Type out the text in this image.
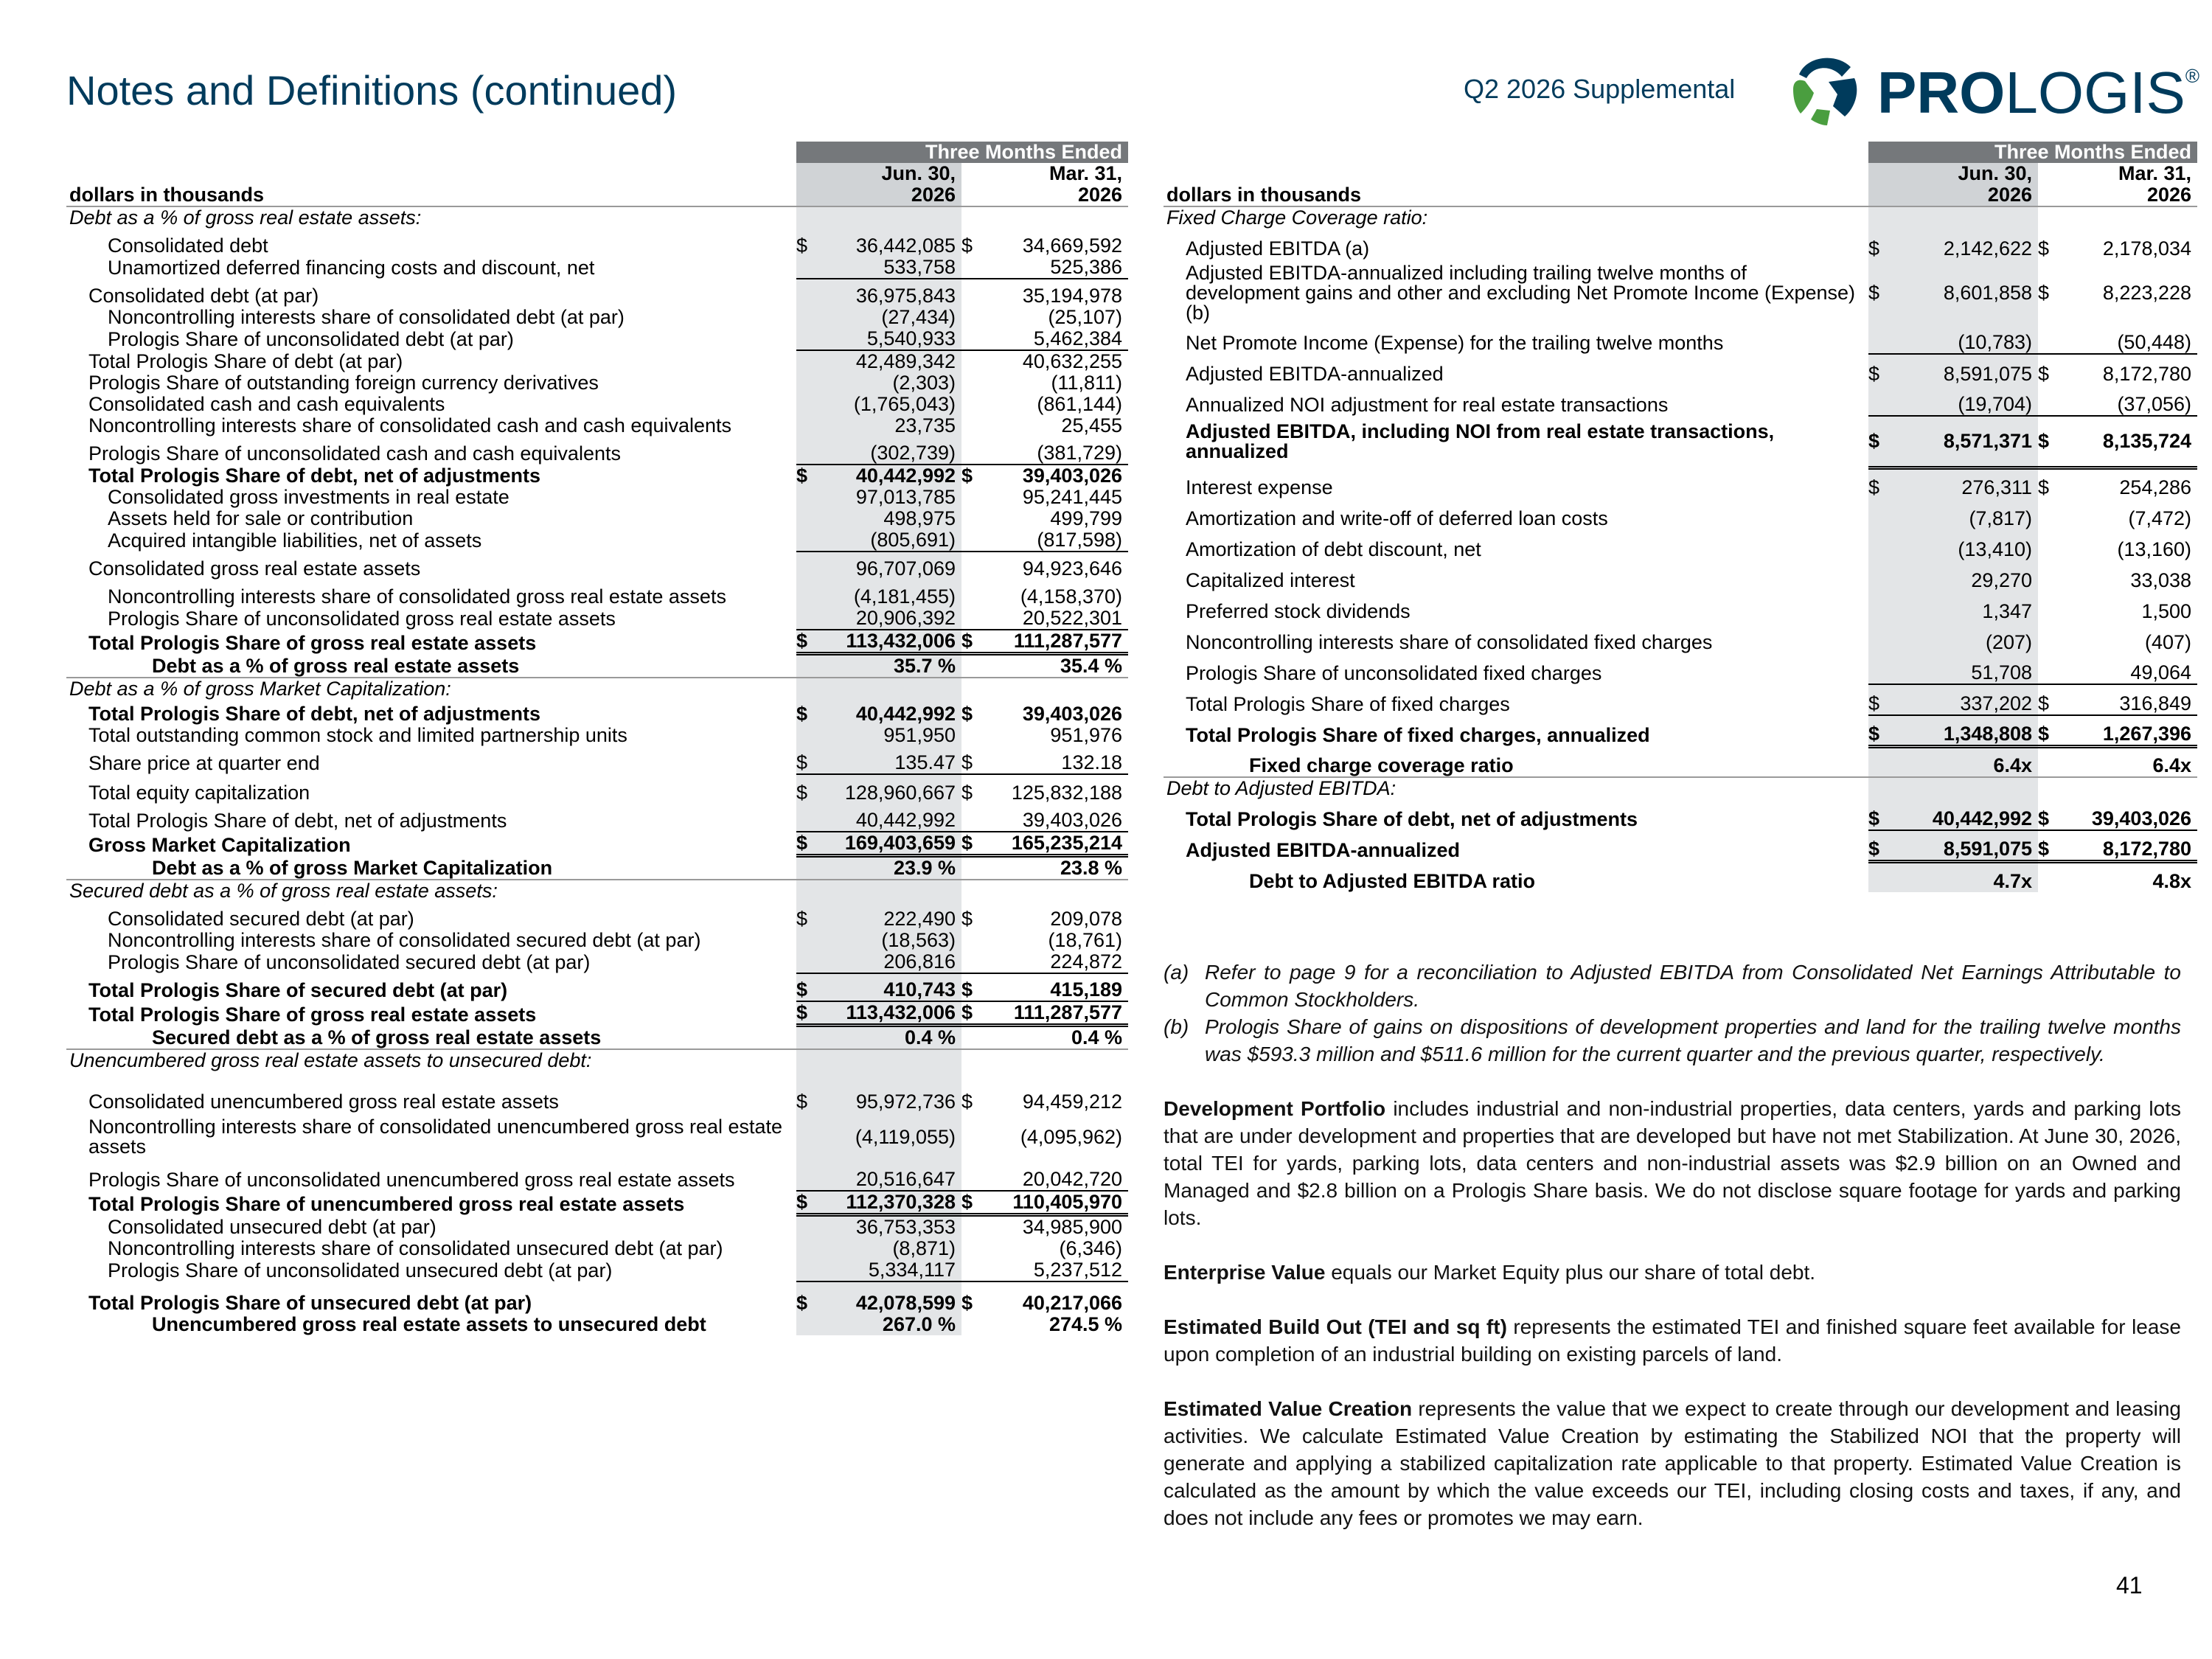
Notes and Definitions (continued)	Q2 2026 Supplemental PROLOGIS®
	Three Months Ended			
		Jun. 30,		Mar. 31,
dollars in thousands		2026		2026
Debt as a % of gross real estate assets:				
Consolidated debt	$	36,442,085	$	34,669,592
Unamortized deferred financing costs and discount, net		533,758		525,386
Consolidated debt (at par)		36,975,843		35,194,978
Noncontrolling interests share of consolidated debt (at par)		(27,434)		(25,107)
Prologis Share of unconsolidated debt (at par)		5,540,933		5,462,384
Total Prologis Share of debt (at par)		42,489,342		40,632,255
Prologis Share of outstanding foreign currency derivatives		(2,303)		(11,811)
Consolidated cash and cash equivalents		(1,765,043)		(861,144)
Noncontrolling interests share of consolidated cash and cash equivalents		23,735		25,455
Prologis Share of unconsolidated cash and cash equivalents		(302,739)		(381,729)
Total Prologis Share of debt, net of adjustments	$	40,442,992	$	39,403,026
Consolidated gross investments in real estate		97,013,785		95,241,445
Assets held for sale or contribution		498,975		499,799
Acquired intangible liabilities, net of assets		(805,691)		(817,598)
Consolidated gross real estate assets		96,707,069		94,923,646
Noncontrolling interests share of consolidated gross real estate assets		(4,181,455)		(4,158,370)
Prologis Share of unconsolidated gross real estate assets		20,906,392		20,522,301
Total Prologis Share of gross real estate assets	$	113,432,006	$	111,287,577
Debt as a % of gross real estate assets		35.7 %		35.4 %
Debt as a % of gross Market Capitalization:				
Total Prologis Share of debt, net of adjustments	$	40,442,992	$	39,403,026
Total outstanding common stock and limited partnership units		951,950		951,976
Share price at quarter end	$	135.47	$	132.18
Total equity capitalization	$	128,960,667	$	125,832,188
Total Prologis Share of debt, net of adjustments		40,442,992		39,403,026
Gross Market Capitalization	$	169,403,659	$	165,235,214
Debt as a % of gross Market Capitalization		23.9 %		23.8 %
Secured debt as a % of gross real estate assets:				
Consolidated secured debt (at par)	$	222,490	$	209,078
Noncontrolling interests share of consolidated secured debt (at par)		(18,563)		(18,761)
Prologis Share of unconsolidated secured debt (at par)		206,816		224,872
Total Prologis Share of secured debt (at par)	$	410,743	$	415,189
Total Prologis Share of gross real estate assets	$	113,432,006	$	111,287,577
Secured debt as a % of gross real estate assets		0.4 %		0.4 %
Unencumbered gross real estate assets to unsecured debt:				
Consolidated unencumbered gross real estate assets	$	95,972,736	$	94,459,212
Noncontrolling interests share of consolidated unencumbered gross real estate assets		(4,119,055)		(4,095,962)
Prologis Share of unconsolidated unencumbered gross real estate assets		20,516,647		20,042,720
Total Prologis Share of unencumbered gross real estate assets	$	112,370,328	$	110,405,970
Consolidated unsecured debt (at par)		36,753,353		34,985,900
Noncontrolling interests share of consolidated unsecured debt (at par)		(8,871)		(6,346)
Prologis Share of unconsolidated unsecured debt (at par)		5,334,117		5,237,512
Total Prologis Share of unsecured debt (at par)	$	42,078,599	$	40,217,066
Unencumbered gross real estate assets to unsecured debt		267.0 %		274.5 %
	Three Months Ended			
		Jun. 30,		Mar. 31,
dollars in thousands		2026		2026
Fixed Charge Coverage ratio:				
Adjusted EBITDA (a)	$	2,142,622	$	2,178,034
Adjusted EBITDA-annualized including trailing twelve months of development gains and other and excluding Net Promote Income (Expense) (b)	$	8,601,858	$	8,223,228
Net Promote Income (Expense) for the trailing twelve months		(10,783)		(50,448)
Adjusted EBITDA-annualized	$	8,591,075	$	8,172,780
Annualized NOI adjustment for real estate transactions		(19,704)		(37,056)
Adjusted EBITDA, including NOI from real estate transactions, annualized	$	8,571,371	$	8,135,724
Interest expense	$	276,311	$	254,286
Amortization and write-off of deferred loan costs		(7,817)		(7,472)
Amortization of debt discount, net		(13,410)		(13,160)
Capitalized interest		29,270		33,038
Preferred stock dividends		1,347		1,500
Noncontrolling interests share of consolidated fixed charges		(207)		(407)
Prologis Share of unconsolidated fixed charges		51,708		49,064
Total Prologis Share of fixed charges	$	337,202	$	316,849
Total Prologis Share of fixed charges, annualized	$	1,348,808	$	1,267,396
Fixed charge coverage ratio		6.4x		6.4x
Debt to Adjusted EBITDA:				
Total Prologis Share of debt, net of adjustments	$	40,442,992	$	39,403,026
Adjusted EBITDA-annualized	$	8,591,075	$	8,172,780
Debt to Adjusted EBITDA ratio		4.7x		4.8x
(a) Refer to page 9 for a reconciliation to Adjusted EBITDA from Consolidated Net Earnings Attributable to Common Stockholders.
(b) Prologis Share of gains on dispositions of development properties and land for the trailing twelve months was $593.3 million and $511.6 million for the current quarter and the previous quarter, respectively.

Development Portfolio includes industrial and non-industrial properties, data centers, yards and parking lots that are under development and properties that are developed but have not met Stabilization. At June 30, 2026, total TEI for yards, parking lots, data centers and non-industrial assets was $2.9 billion on an Owned and Managed and $2.8 billion on a Prologis Share basis. We do not disclose square footage for yards and parking lots.

Enterprise Value equals our Market Equity plus our share of total debt.

Estimated Build Out (TEI and sq ft) represents the estimated TEI and finished square feet available for lease upon completion of an industrial building on existing parcels of land.

Estimated Value Creation represents the value that we expect to create through our development and leasing activities. We calculate Estimated Value Creation by estimating the Stabilized NOI that the property will generate and applying a stabilized capitalization rate applicable to that property. Estimated Value Creation is calculated as the amount by which the value exceeds our TEI, including closing costs and taxes, if any, and does not include any fees or promotes we may earn.

41
